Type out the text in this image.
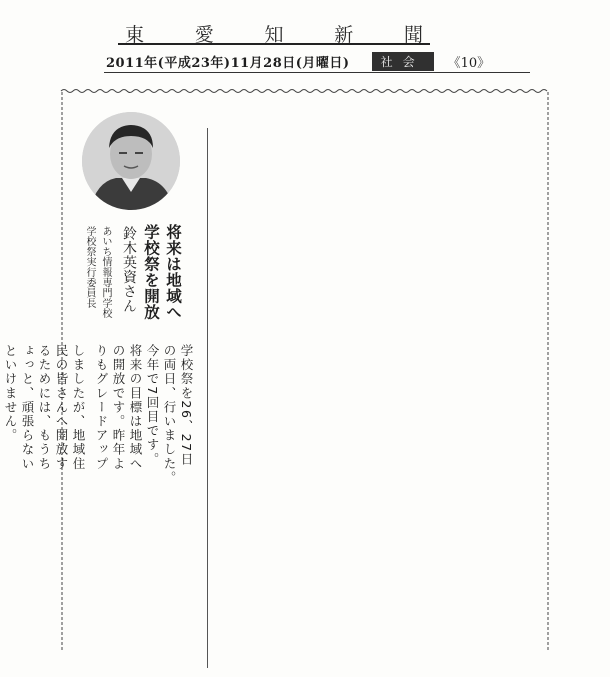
東	愛	知	新	聞
2011年(平成23年)11月28日(月曜日)	社会	《10》
将来は地域へ
学校祭を開放
鈴木英資さん
あいち情報専門学校
学校祭実行委員長
学校祭を26、27日
の両日、行いました。
今年で7回目です。
将来の目標は地域へ
の開放です。昨年よ
りもグレードアップ
しましたが、地域住
民の皆さんへ開放す
るためには、もうち
ょっと、頑張らない
といけません。
